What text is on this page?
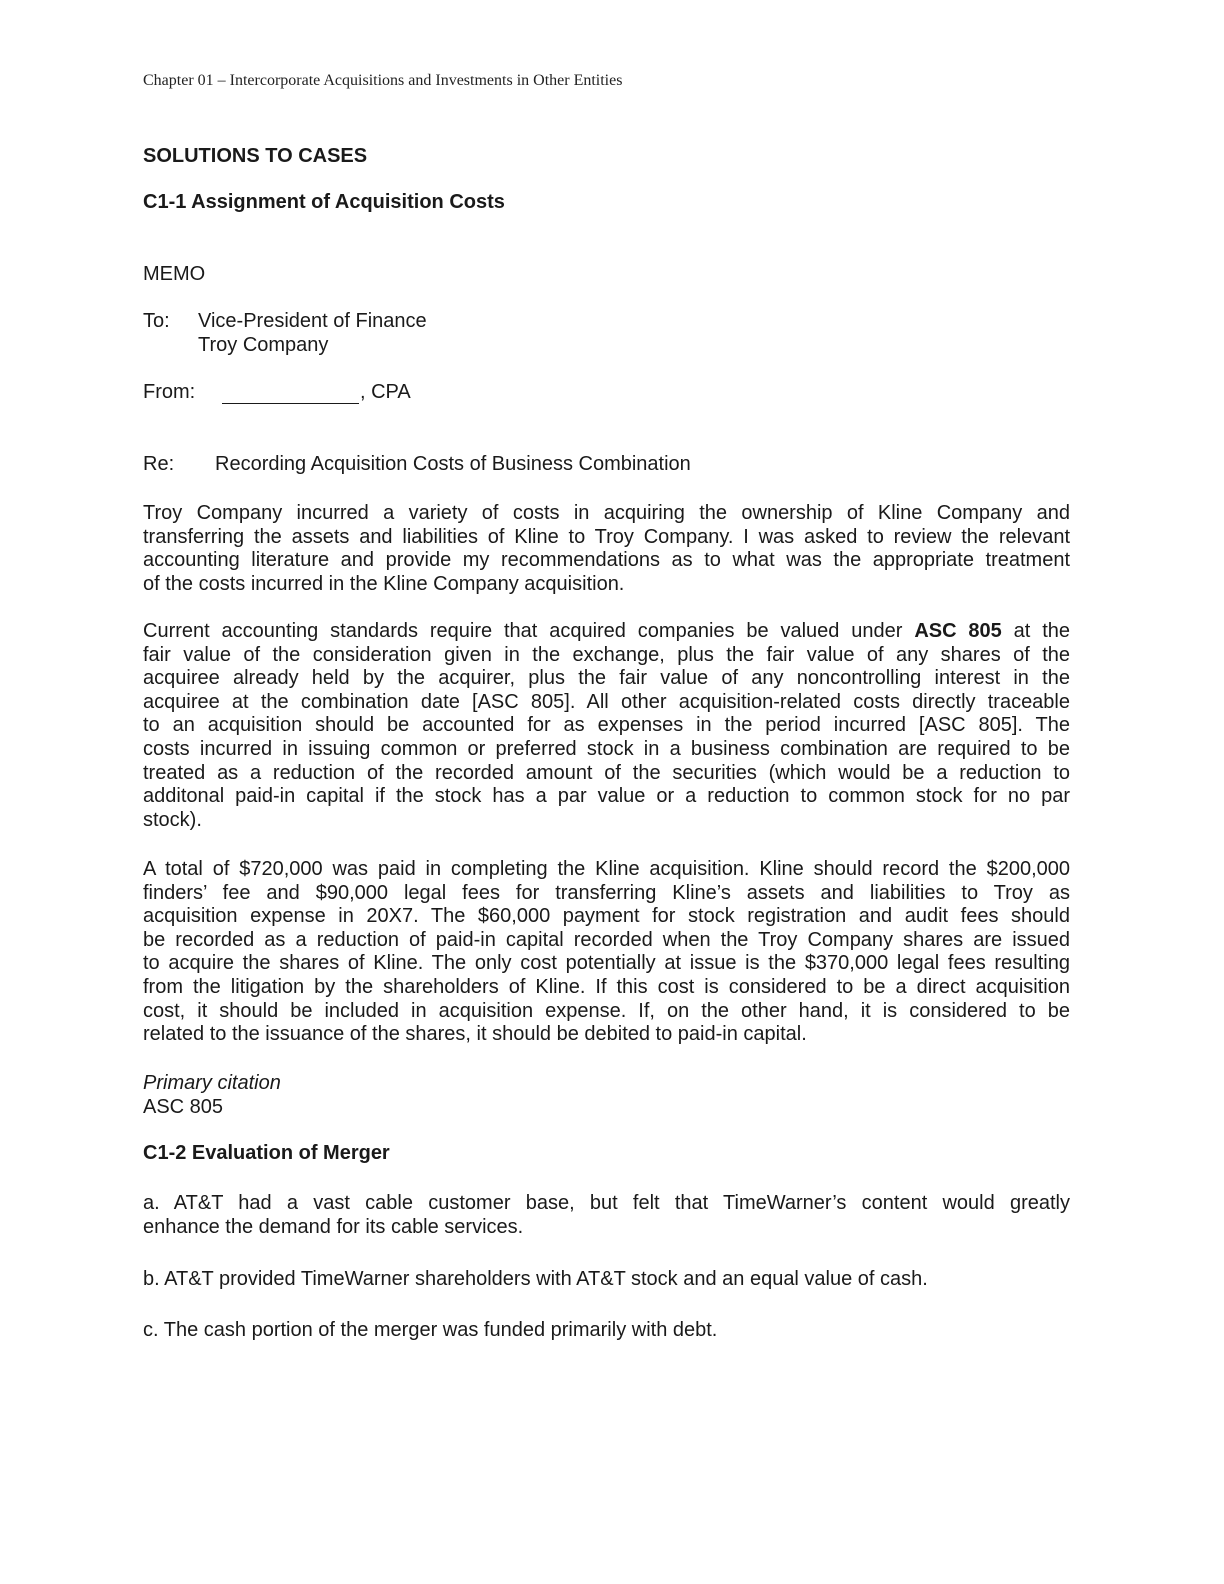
Chapter 01 – Intercorporate Acquisitions and Investments in Other Entities
SOLUTIONS TO CASES
C1-1 Assignment of Acquisition Costs
MEMO
To: Vice-President of Finance
Troy Company
From:	, CPA
Re: Recording Acquisition Costs of Business Combination
Troy Company incurred a variety of costs in acquiring the ownership of Kline Company and
transferring the assets and liabilities of Kline to Troy Company. I was asked to review the relevant
accounting literature and provide my recommendations as to what was the appropriate treatment
of the costs incurred in the Kline Company acquisition.
Current accounting standards require that acquired companies be valued under ASC 805 at the
fair value of the consideration given in the exchange, plus the fair value of any shares of the
acquiree already held by the acquirer, plus the fair value of any noncontrolling interest in the
acquiree at the combination date [ASC 805]. All other acquisition-related costs directly traceable
to an acquisition should be accounted for as expenses in the period incurred [ASC 805]. The
costs incurred in issuing common or preferred stock in a business combination are required to be
treated as a reduction of the recorded amount of the securities (which would be a reduction to
additonal paid-in capital if the stock has a par value or a reduction to common stock for no par
stock).
A total of $720,000 was paid in completing the Kline acquisition. Kline should record the $200,000
finders’ fee and $90,000 legal fees for transferring Kline’s assets and liabilities to Troy as
acquisition expense in 20X7. The $60,000 payment for stock registration and audit fees should
be recorded as a reduction of paid-in capital recorded when the Troy Company shares are issued
to acquire the shares of Kline. The only cost potentially at issue is the $370,000 legal fees resulting
from the litigation by the shareholders of Kline. If this cost is considered to be a direct acquisition
cost, it should be included in acquisition expense. If, on the other hand, it is considered to be
related to the issuance of the shares, it should be debited to paid-in capital.
Primary citation
ASC 805
C1-2 Evaluation of Merger
a. AT&T had a vast cable customer base, but felt that TimeWarner’s content would greatly
enhance the demand for its cable services.
b. AT&T provided TimeWarner shareholders with AT&T stock and an equal value of cash.
c. The cash portion of the merger was funded primarily with debt.
